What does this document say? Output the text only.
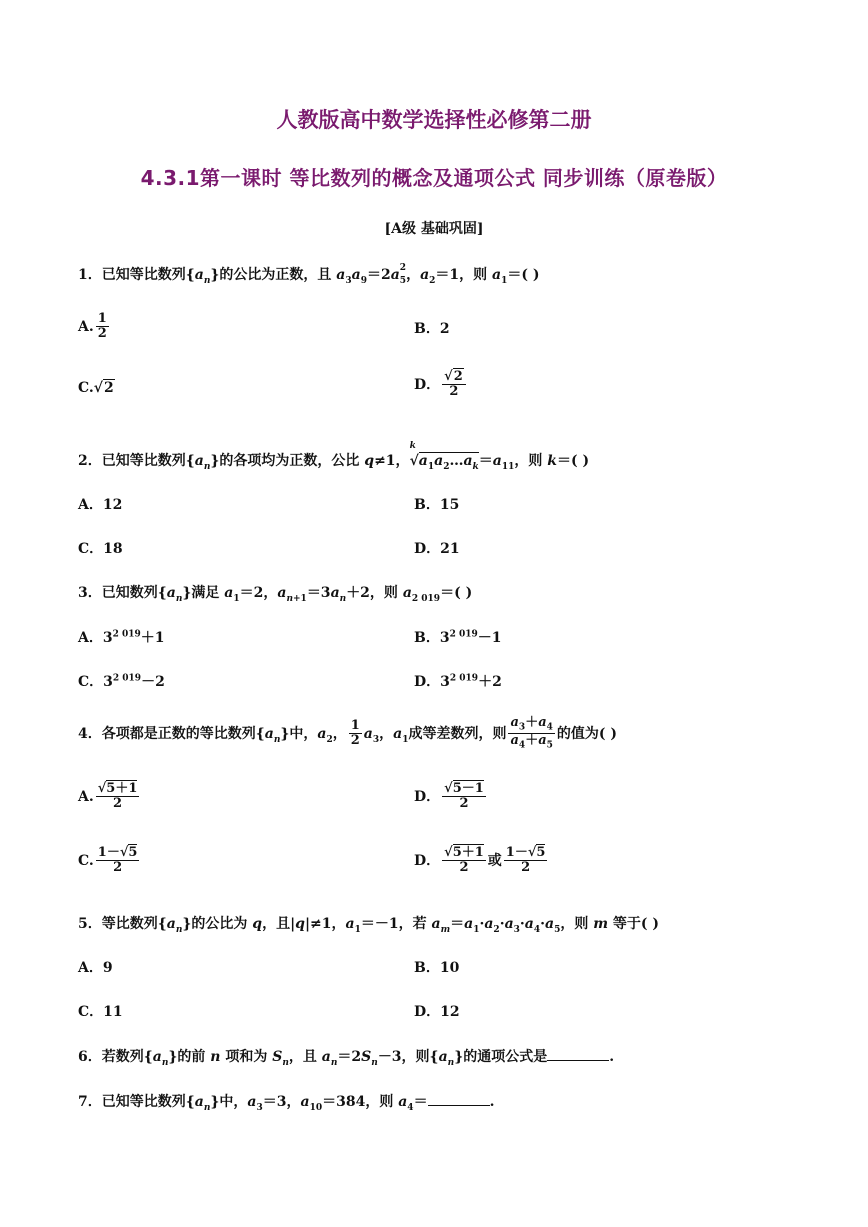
人教版高中数学选择性必修第二册
4.3.1第一课时 等比数列的概念及通项公式 同步训练（原卷版）
[A级 基础巩固]
1．已知等比数列$\{a_n\}$的公比为正数，且 $a_3a_9=2a$ $^2$
$_5$，$a_2=1$，则 $a_1=$( )
A. $\frac{1}{2}$	B．2
C.√2	D． $\frac{√2}{2}$
2．已知等比数列$\{a_n\}$的各项均为正数，公比 q≠1，
k
$√a_1a_2\dots a_k=a_{11}$，则 k＝( )
A．12	B．15
C．18	D．21
3．已知数列$\{a_n\}$满足 $a_1=2$，$a_{n+1}=3a_n+2$，则 $a_{2 019}=$( )
A．$3^{2 019}+1$	B．$3^{2 019}-1$
C．$3^{2 019}-2$	D．$3^{2 019}+2$
4．各项都是正数的等比数列$\{a_n\}$中，$a_2$， $\frac{1}{2} a_3$，$a_1$成等差数列，则 $\frac{a_3+a_4}{a_4+a_5}$ 的值为( )
A. $\frac{√5+1}{2}$	D． $\frac{√5-1}{2}$
C. $\frac{1-√5}{2}$	D． $\frac{√5+1}{2}$ 或 $\frac{1-√5}{2}$
5．等比数列$\{a_n\}$的公比为 q，且|q|≠1，$a_1=-1$，若 $a_m=a_1\cdot a_2\cdot a_3\cdot a_4\cdot a_5$，则 m 等于( )
A．9	B．10
C．11	D．12
6．若数列$\{a_n\}$的前 n 项和为 $S_n$，且 $a_n=2S_n-3$，则$\{a_n\}$的通项公式是	.
7．已知等比数列$\{a_n\}$中，$a_3=3$，$a_{10}=384$，则 $a_4=$	.
